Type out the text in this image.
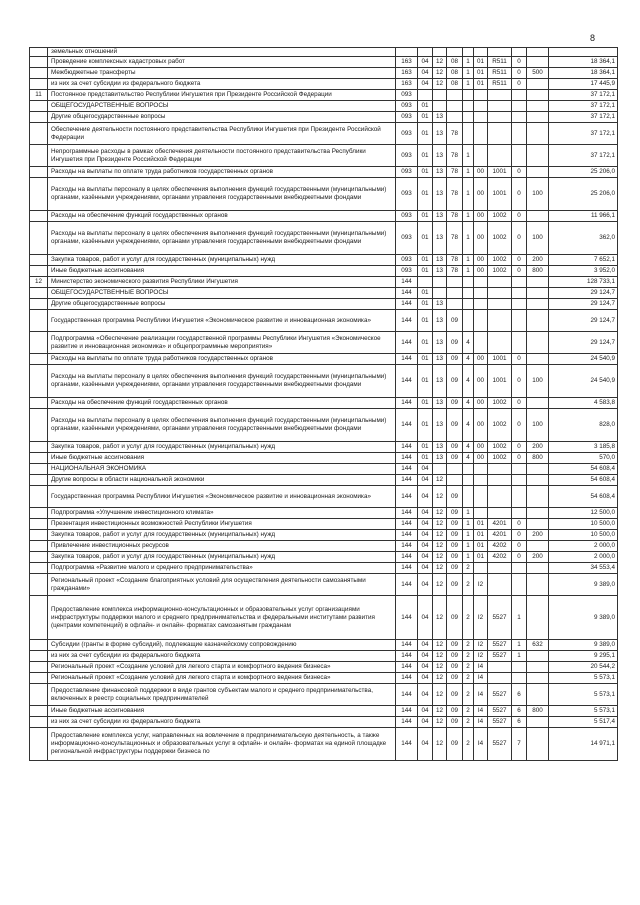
8
	земельных отношений										
	Проведение комплексных кадастровых работ	163	04	12	08	1	01	R511	0		18 364,1
	Межбюджетные трансферты	163	04	12	08	1	01	R511	0	500	18 364,1
	из них за счет субсидии из федерального бюджета	163	04	12	08	1	01	R511	0		17 445,9
11	Постоянное представительство Республики Ингушетия при Президенте Российской Федерации	093									37 172,1
	ОБЩЕГОСУДАРСТВЕННЫЕ ВОПРОСЫ	093	01								37 172,1
	Другие общегосударственные вопросы	093	01	13							37 172,1
	Обеспечение деятельности постоянного представительства Республики Ингушетия при Президенте Российской Федерации	093	01	13	78						37 172,1
	Непрограммные расходы в рамках обеспечения деятельности постоянного представительства Республики Ингушетия при Президенте Российской Федерации	093	01	13	78	1					37 172,1
	Расходы на выплаты по оплате труда работников государственных органов	093	01	13	78	1	00	1001	0		25 206,0
	Расходы на выплаты персоналу в целях обеспечения выполнения функций государственными (муниципальными) органами, казёнными учреждениями, органами управления государственными внебюджетными фондами	093	01	13	78	1	00	1001	0	100	25 206,0
	Расходы на обеспечение функций государственных органов	093	01	13	78	1	00	1002	0		11 966,1
	Расходы на выплаты персоналу в целях обеспечения выполнения функций государственными (муниципальными) органами, казёнными учреждениями, органами управления государственными внебюджетными фондами	093	01	13	78	1	00	1002	0	100	362,0
	Закупка товаров, работ и услуг для государственных (муниципальных) нужд	093	01	13	78	1	00	1002	0	200	7 652,1
	Иные бюджетные ассигнования	093	01	13	78	1	00	1002	0	800	3 952,0
12	Министерство экономического развития Республики Ингушетия	144									128 733,1
	ОБЩЕГОСУДАРСТВЕННЫЕ ВОПРОСЫ	144	01								29 124,7
	Другие общегосударственные вопросы	144	01	13							29 124,7
	Государственная программа Республики Ингушетия «Экономическое развитие и инновационная экономика»	144	01	13	09						29 124,7
	Подпрограмма «Обеспечение реализации государственной программы Республики Ингушетия «Экономическое развитие и инновационная экономика» и общепрограммные мероприятия»	144	01	13	09	4					29 124,7
	Расходы на выплаты по оплате труда работников государственных органов	144	01	13	09	4	00	1001	0		24 540,9
	Расходы на выплаты персоналу в целях обеспечения выполнения функций государственными (муниципальными) органами, казёнными учреждениями, органами управления государственными внебюджетными фондами	144	01	13	09	4	00	1001	0	100	24 540,9
	Расходы на обеспечение функций государственных органов	144	01	13	09	4	00	1002	0		4 583,8
	Расходы на выплаты персоналу в целях обеспечения выполнения функций государственными (муниципальными) органами, казёнными учреждениями, органами управления государственными внебюджетными фондами	144	01	13	09	4	00	1002	0	100	828,0
	Закупка товаров, работ и услуг для государственных (муниципальных) нужд	144	01	13	09	4	00	1002	0	200	3 185,8
	Иные бюджетные ассигнования	144	01	13	09	4	00	1002	0	800	570,0
	НАЦИОНАЛЬНАЯ ЭКОНОМИКА	144	04								54 608,4
	Другие вопросы в области национальной экономики	144	04	12							54 608,4
	Государственная программа Республики Ингушетия «Экономическое развитие и инновационная экономика»	144	04	12	09						54 608,4
	Подпрограмма «Улучшение инвестиционного климата»	144	04	12	09	1					12 500,0
	Презентация инвестиционных возможностей Республики Ингушетия	144	04	12	09	1	01	4201	0		10 500,0
	Закупка товаров, работ и услуг для государственных (муниципальных) нужд	144	04	12	09	1	01	4201	0	200	10 500,0
	Привлечение инвестиционных ресурсов	144	04	12	09	1	01	4202	0		2 000,0
	Закупка товаров, работ и услуг для государственных (муниципальных) нужд	144	04	12	09	1	01	4202	0	200	2 000,0
	Подпрограмма «Развитие малого и среднего предпринимательства»	144	04	12	09	2					34 553,4
	Региональный проект «Создание благоприятных условий для осуществления деятельности самозанятыми гражданами»	144	04	12	09	2	I2				9 389,0
	Предоставление комплекса информационно-консультационных и образовательных услуг организациями инфраструктуры поддержки малого и среднего предпринимательства и федеральными институтами развития (центрами компетенций) в офлайн- и онлайн- форматах самозанятым гражданам	144	04	12	09	2	I2	5527	1		9 389,0
	Субсидии (гранты в форме субсидий), подлежащие казначейскому сопровождению	144	04	12	09	2	I2	5527	1	632	9 389,0
	из них за счет субсидии из федерального бюджета	144	04	12	09	2	I2	5527	1		9 295,1
	Региональный проект «Создание условий для легкого старта и комфортного ведения бизнеса»	144	04	12	09	2	I4				20 544,2
	Региональный проект «Создание условий для легкого старта и комфортного ведения бизнеса»	144	04	12	09	2	I4				5 573,1
	Предоставление финансовой поддержки в виде грантов субъектам малого и среднего предпринимательства, включенных в реестр социальных предпринимателей	144	04	12	09	2	I4	5527	6		5 573,1
	Иные бюджетные ассигнования	144	04	12	09	2	I4	5527	6	800	5 573,1
	из них за счет субсидии из федерального бюджета	144	04	12	09	2	I4	5527	6		5 517,4
	Предоставление комплекса услуг, направленных на вовлечение в предпринимательскую деятельность, а также информационно-консультационных и образовательных услуг в офлайн- и онлайн- форматах на единой площадке региональной инфраструктуры поддержки бизнеса по	144	04	12	09	2	I4	5527	7		14 971,1
